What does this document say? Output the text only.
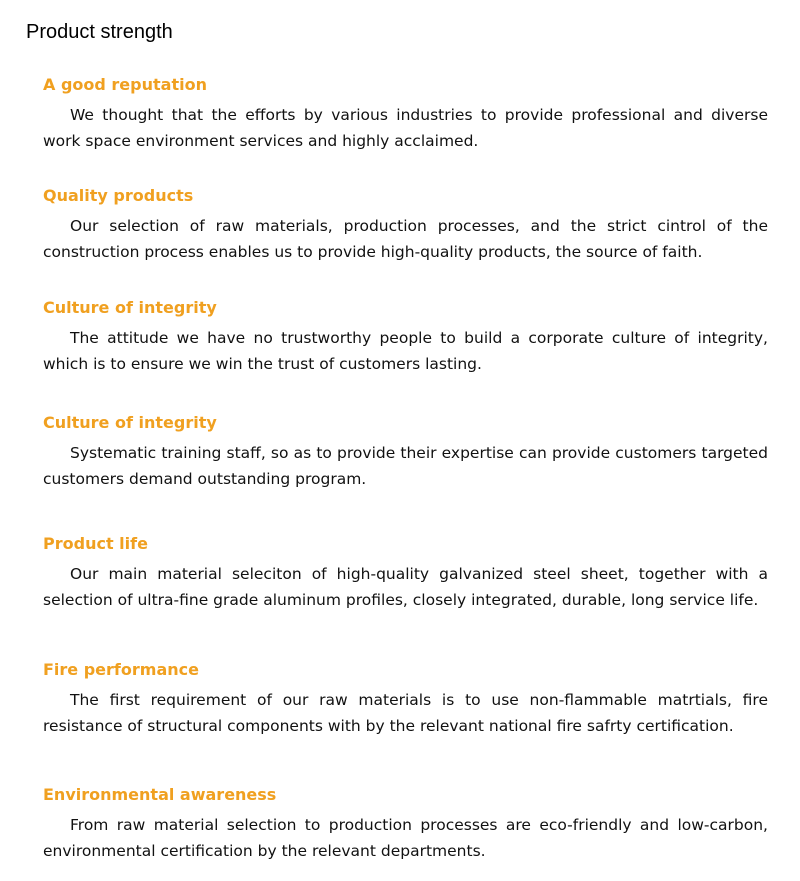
Product strength
A good reputation

We thought that the efforts by various industries to provide professional and diverse work space environment services and highly acclaimed.

Quality products

Our selection of raw materials, production processes, and the strict cintrol of the construction process enables us to provide high-quality products, the source of faith.

Culture of integrity

The attitude we have no trustworthy people to build a corporate culture of integrity, which is to ensure we win the trust of customers lasting.

Culture of integrity

Systematic training staff, so as to provide their expertise can provide customers targeted customers demand outstanding program.

Product life

Our main material seleciton of high-quality galvanized steel sheet, together with a selection of ultra-fine grade aluminum profiles, closely integrated, durable, long service life.

Fire performance

The first requirement of our raw materials is to use non-flammable matrtials, fire resistance of structural components with by the relevant national fire safrty certification.

Environmental awareness

From raw material selection to production processes are eco-friendly and low-carbon, environmental certification by the relevant departments.
